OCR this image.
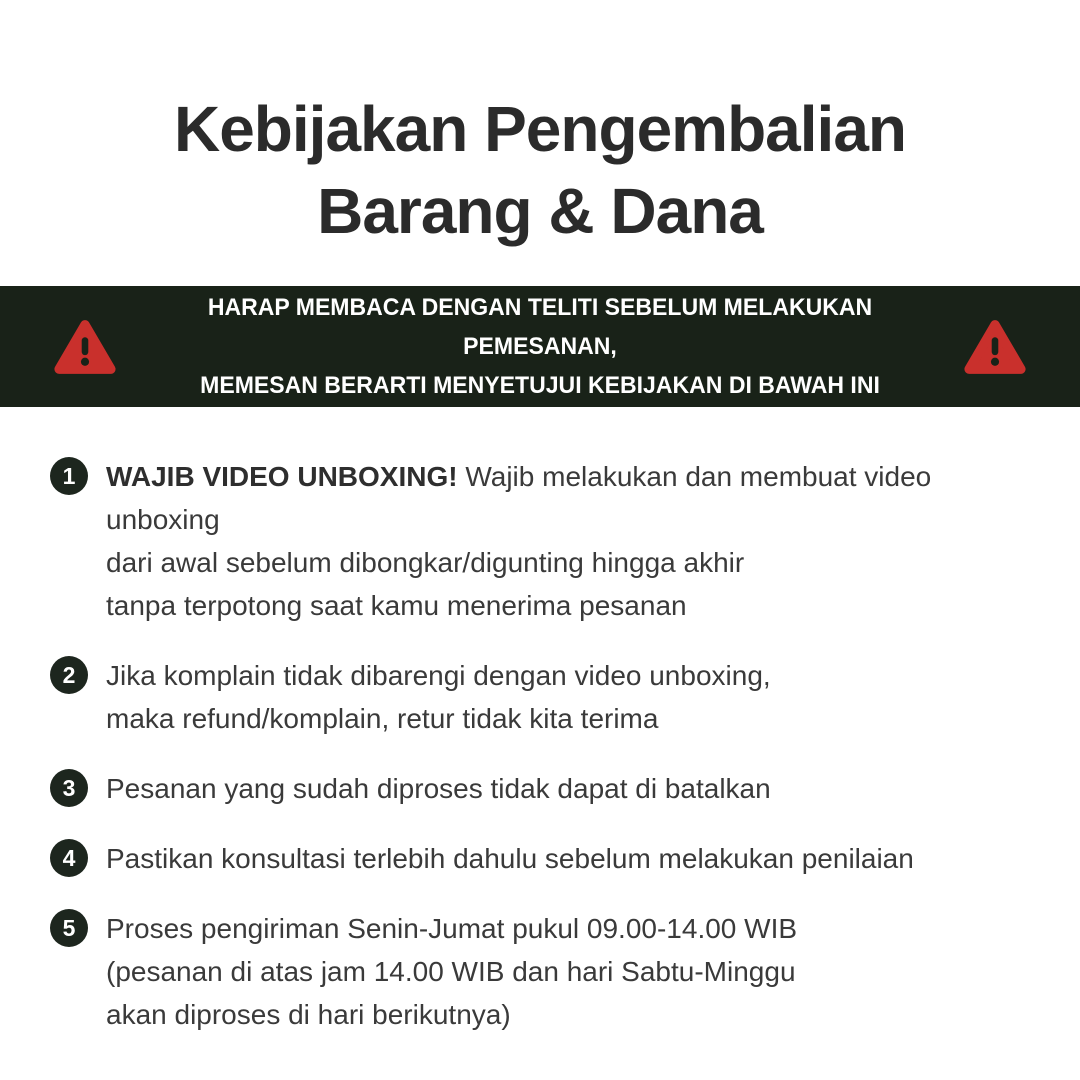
Kebijakan Pengembalian
Barang & Dana
HARAP MEMBACA DENGAN TELITI SEBELUM MELAKUKAN PEMESANAN,
MEMESAN BERARTI MENYETUJUI KEBIJAKAN DI BAWAH INI
1 WAJIB VIDEO UNBOXING! Wajib melakukan dan membuat video unboxing
dari awal sebelum dibongkar/digunting hingga akhir
tanpa terpotong saat kamu menerima pesanan
2 Jika komplain tidak dibarengi dengan video unboxing,
maka refund/komplain, retur tidak kita terima
3 Pesanan yang sudah diproses tidak dapat di batalkan
4 Pastikan konsultasi terlebih dahulu sebelum melakukan penilaian
5 Proses pengiriman Senin-Jumat pukul 09.00-14.00 WIB
(pesanan di atas jam 14.00 WIB dan hari Sabtu-Minggu
akan diproses di hari berikutnya)
